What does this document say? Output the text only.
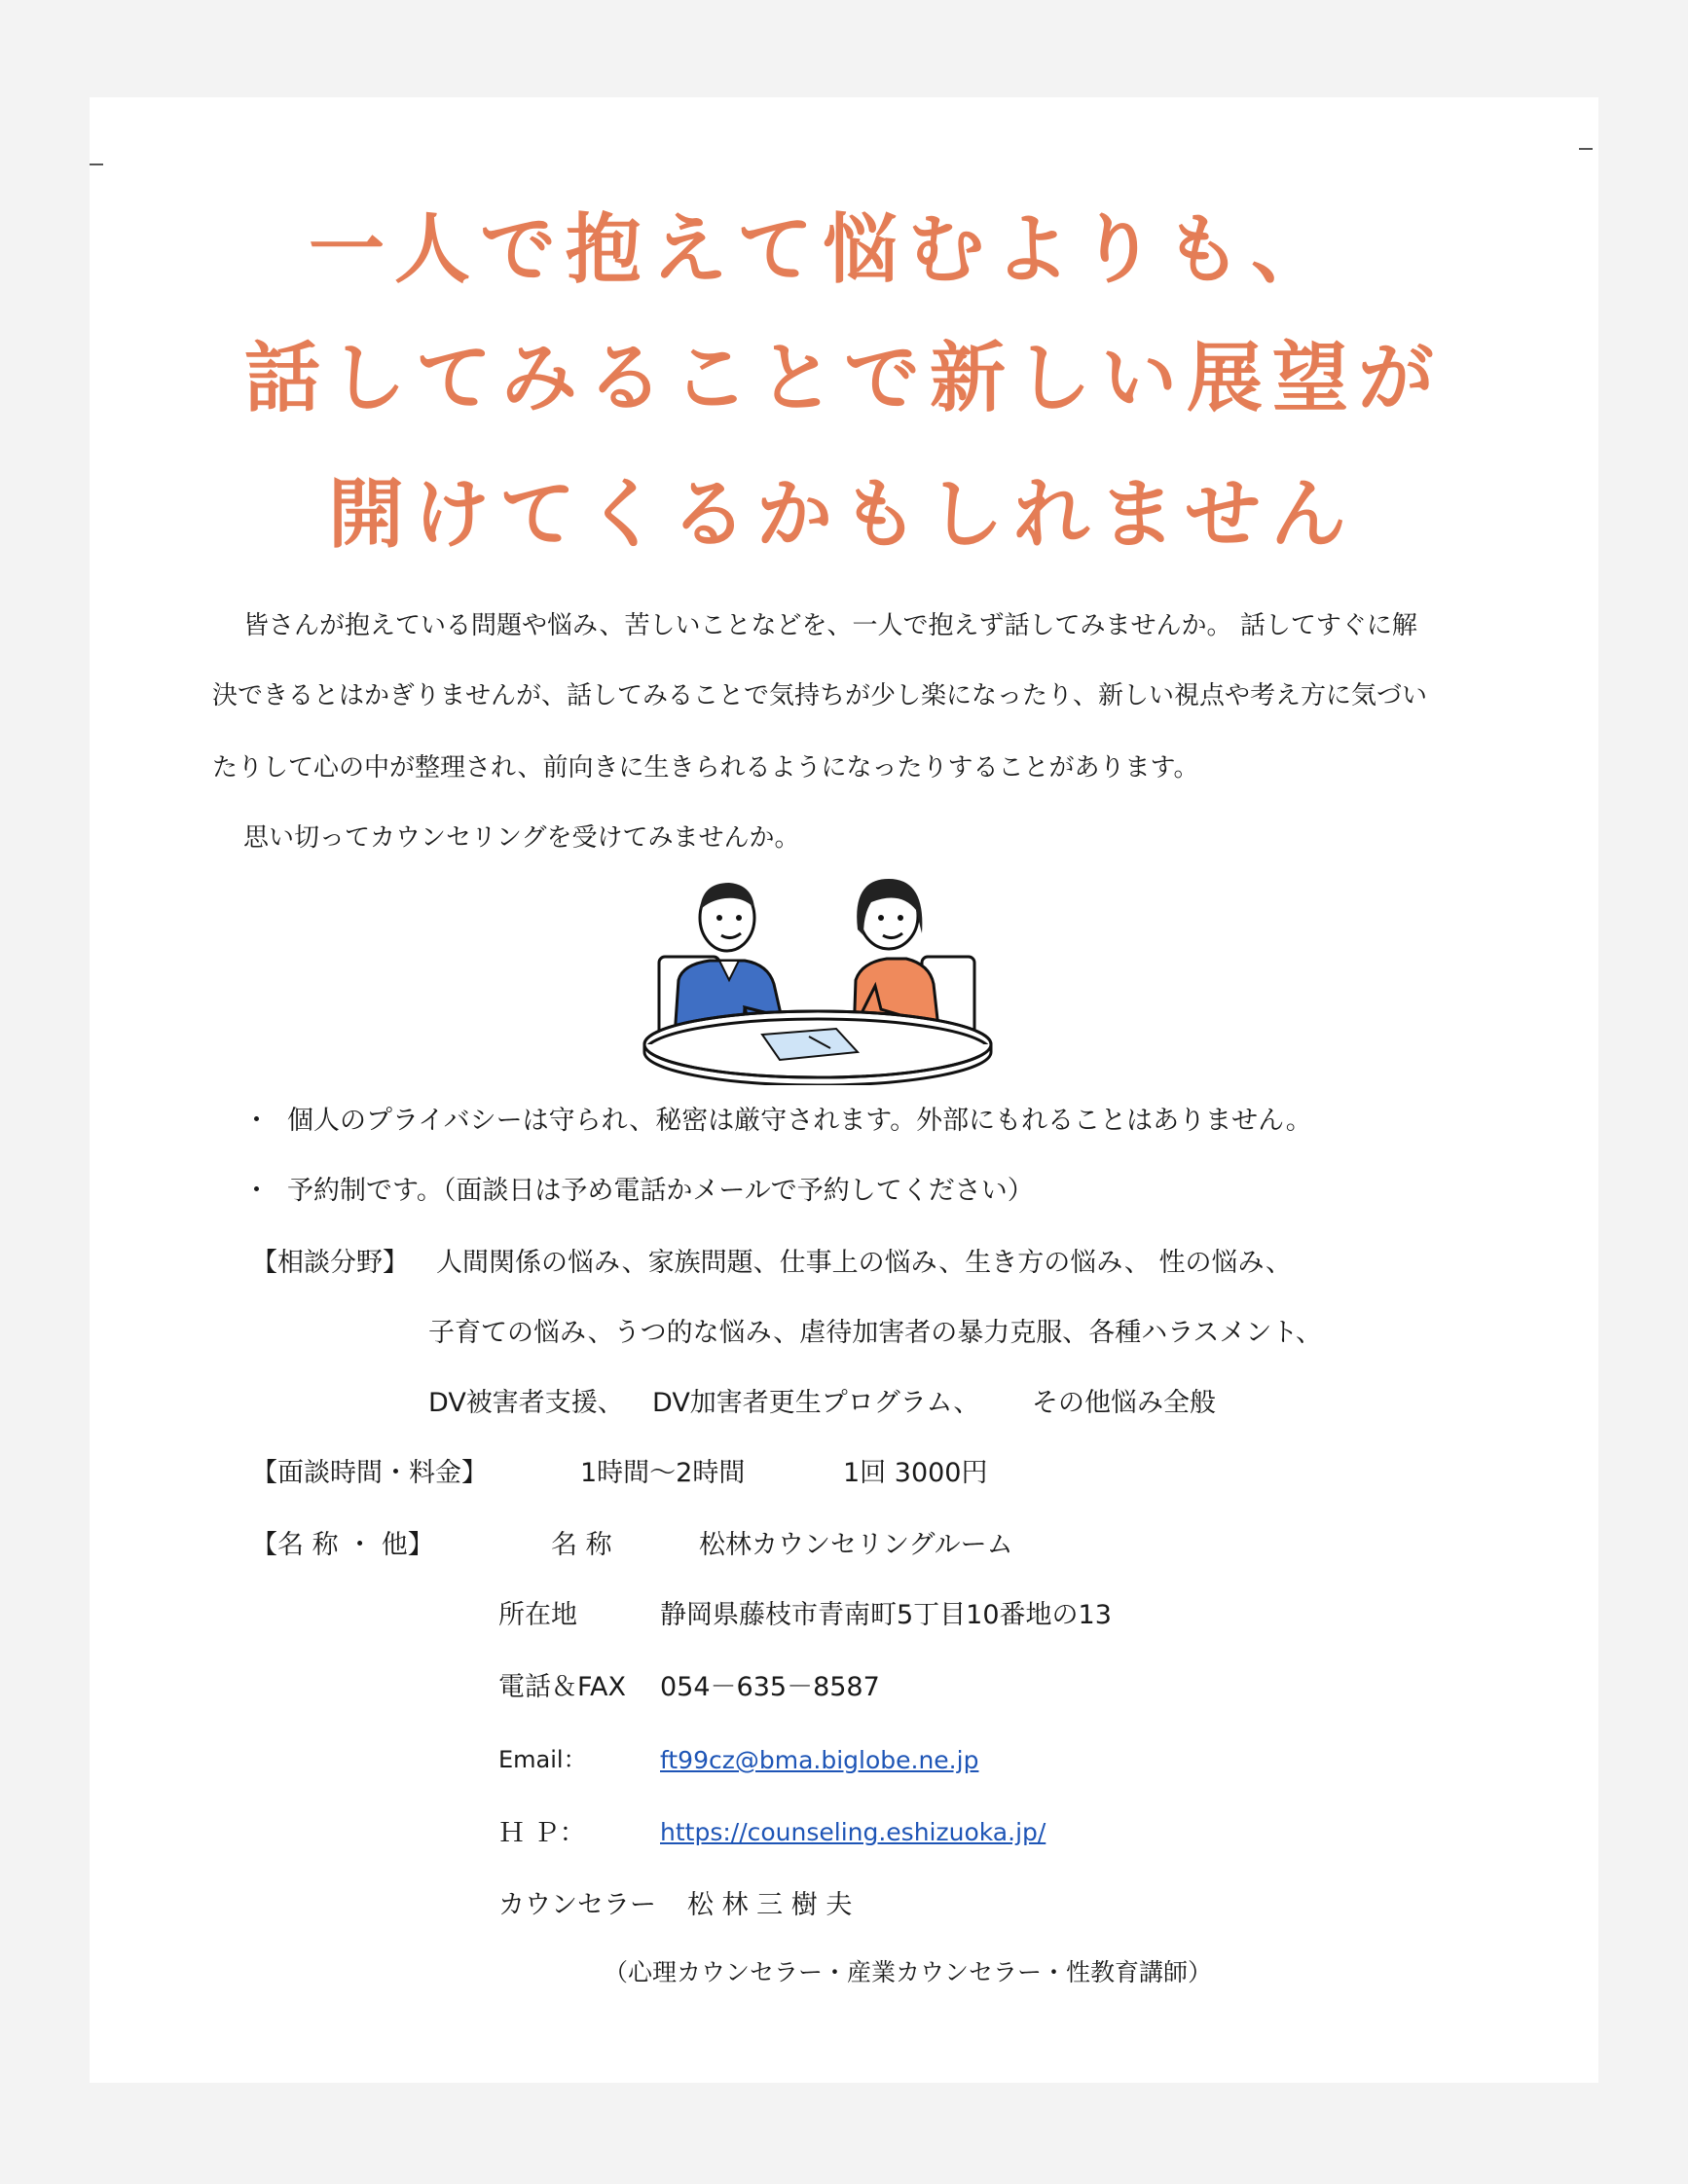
一人で抱えて悩むよりも、
話してみることで新しい展望が
開けてくるかもしれません
皆さんが抱えている問題や悩み、苦しいことなどを、一人で抱えず話してみませんか。 話してすぐに解
決できるとはかぎりませんが、話してみることで気持ちが少し楽になったり、新しい視点や考え方に気づい
たりして心の中が整理され、前向きに生きられるようになったりすることがあります。
思い切ってカウンセリングを受けてみませんか。
・ 個人のプライバシーは守られ、秘密は厳守されます。外部にもれることはありません。
・ 予約制です。（面談日は予め電話かメールで予約してください）
【相談分野】 人間関係の悩み、家族問題、仕事上の悩み、生き方の悩み、 性の悩み、
子育ての悩み、うつ的な悩み、虐待加害者の暴力克服、各種ハラスメント、
DV被害者支援、 DV加害者更生プログラム、 その他悩み全般
【面談時間・料金】	1時間～2時間	1回 3000円
【名 称 ・ 他】	名 称	松林カウンセリングルーム
所在地	静岡県藤枝市青南町5丁目10番地の13
電話＆FAX 054－635－8587
Email：	ft99cz@bma.biglobe.ne.jp
Ｈ Ｐ：	https://counseling.eshizuoka.jp/
カウンセラー 松 林 三 樹 夫
（心理カウンセラー・産業カウンセラー・性教育講師）
